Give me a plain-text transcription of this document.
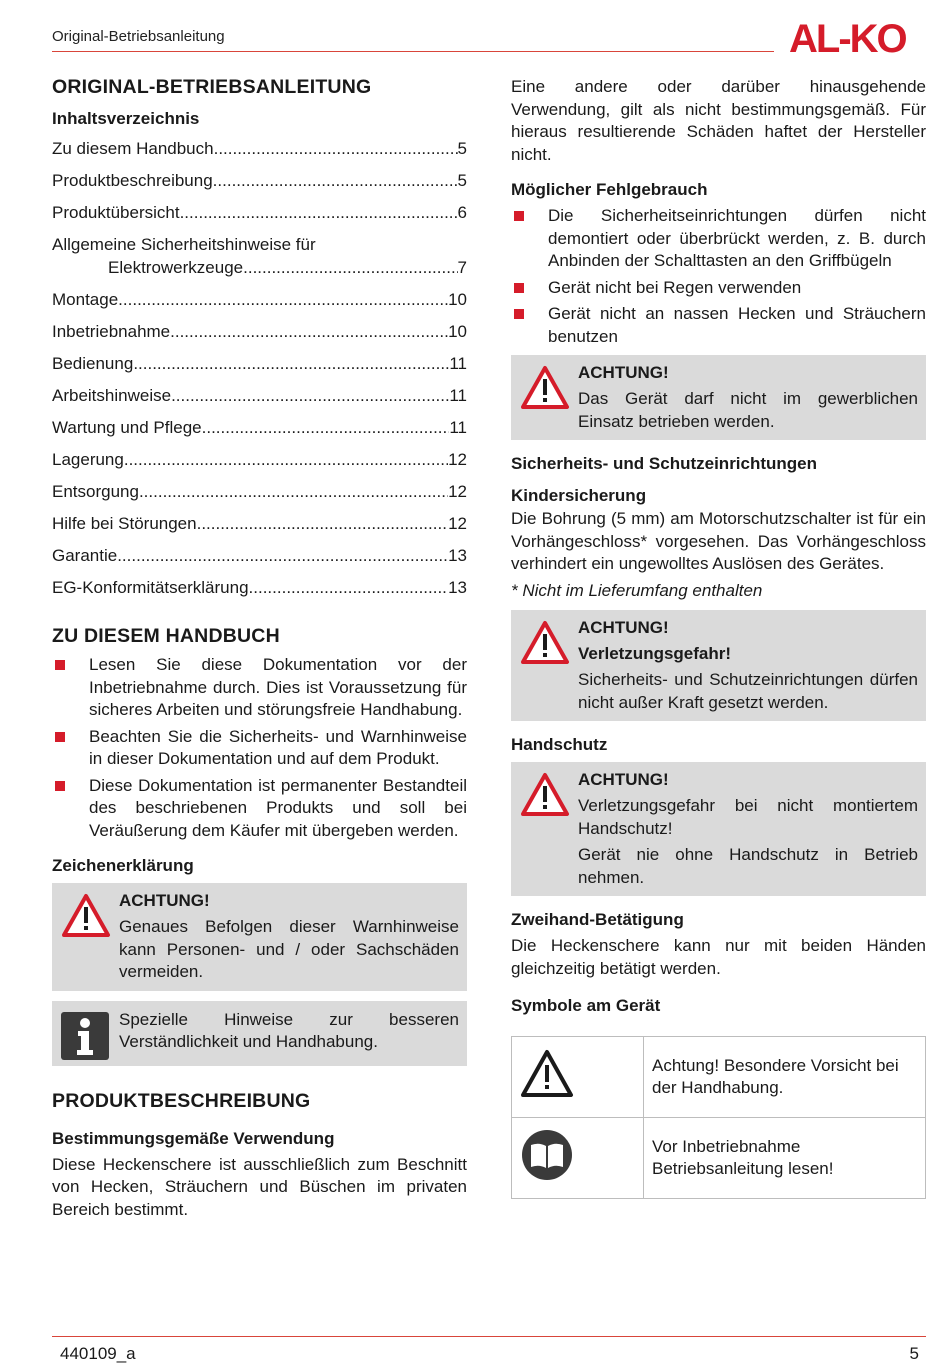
Original-Betriebsanleitung	AL-KO
ORIGINAL-BETRIEBSANLEITUNG
Inhaltsverzeichnis
Zu diesem Handbuch .....	5
Produktbeschreibung .....	5
Produktübersicht .....	6
Allgemeine Sicherheitshinweise für
Elektrowerkzeuge .....	7
Montage .....	10
Inbetriebnahme .....	10
Bedienung .....	11
Arbeitshinweise .....	11
Wartung und Pflege .....	11
Lagerung .....	12
Entsorgung .....	12
Hilfe bei Störungen .....	12
Garantie .....	13
EG-Konformitätserklärung .....	13
ZU DIESEM HANDBUCH
Lesen Sie diese Dokumentation vor der Inbetriebnahme durch. Dies ist Voraussetzung für sicheres Arbeiten und störungsfreie Handhabung.
Beachten Sie die Sicherheits- und Warnhinweise in dieser Dokumentation und auf dem Produkt.
Diese Dokumentation ist permanenter Bestandteil des beschriebenen Produkts und soll bei Veräußerung dem Käufer mit übergeben werden.
Zeichenerklärung
ACHTUNG!

Genaues Befolgen dieser Warnhinweise kann Personen- und / oder Sachschäden vermeiden.

Spezielle Hinweise zur besseren Verständlichkeit und Handhabung.

PRODUKTBESCHREIBUNG
Bestimmungsgemäße Verwendung

Diese Heckenschere ist ausschließlich zum Beschnitt von Hecken, Sträuchern und Büschen im privaten Bereich bestimmt.

Eine andere oder darüber hinausgehende Verwendung, gilt als nicht bestimmungsgemäß. Für hieraus resultierende Schäden haftet der Hersteller nicht.

Möglicher Fehlgebrauch
Die Sicherheitseinrichtungen dürfen nicht demontiert oder überbrückt werden, z. B. durch Anbinden der Schalttasten an den Griffbügeln
Gerät nicht bei Regen verwenden
Gerät nicht an nassen Hecken und Sträuchern benutzen
ACHTUNG!

Das Gerät darf nicht im gewerblichen Einsatz betrieben werden.

Sicherheits- und Schutzeinrichtungen
Kindersicherung

Die Bohrung (5 mm) am Motorschutzschalter ist für ein Vorhängeschloss* vorgesehen. Das Vorhängeschloss verhindert ein ungewolltes Auslösen des Gerätes.

* Nicht im Lieferumfang enthalten

ACHTUNG!
Verletzungsgefahr!

Sicherheits- und Schutzeinrichtungen dürfen nicht außer Kraft gesetzt werden.

Handschutz
ACHTUNG!

Verletzungsgefahr bei nicht montiertem Handschutz!

Gerät nie ohne Handschutz in Betrieb nehmen.

Zweihand-Betätigung

Die Heckenschere kann nur mit beiden Händen gleichzeitig betätigt werden.

Symbole am Gerät
	Achtung! Besondere Vorsicht bei der Handhabung.
	Vor Inbetriebnahme Betriebsanleitung lesen!
440109_a	5
